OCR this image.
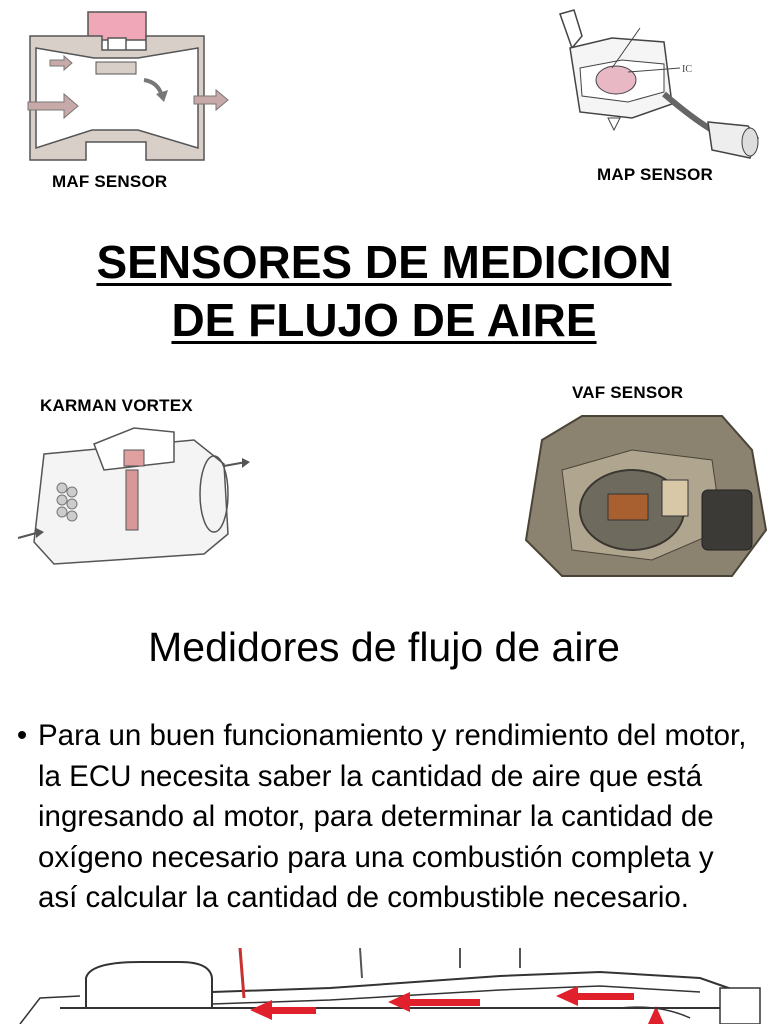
MAF SENSOR
IC
MAP SENSOR
SENSORES DE MEDICION
DE FLUJO DE AIRE
KARMAN VORTEX
VAF SENSOR
Medidores de flujo de aire
• Para un buen funcionamiento y rendimiento del motor, la ECU necesita saber la cantidad de aire que está ingresando al motor, para determinar la cantidad de oxígeno necesario para una combustión completa y así calcular la cantidad de combustible necesario.
